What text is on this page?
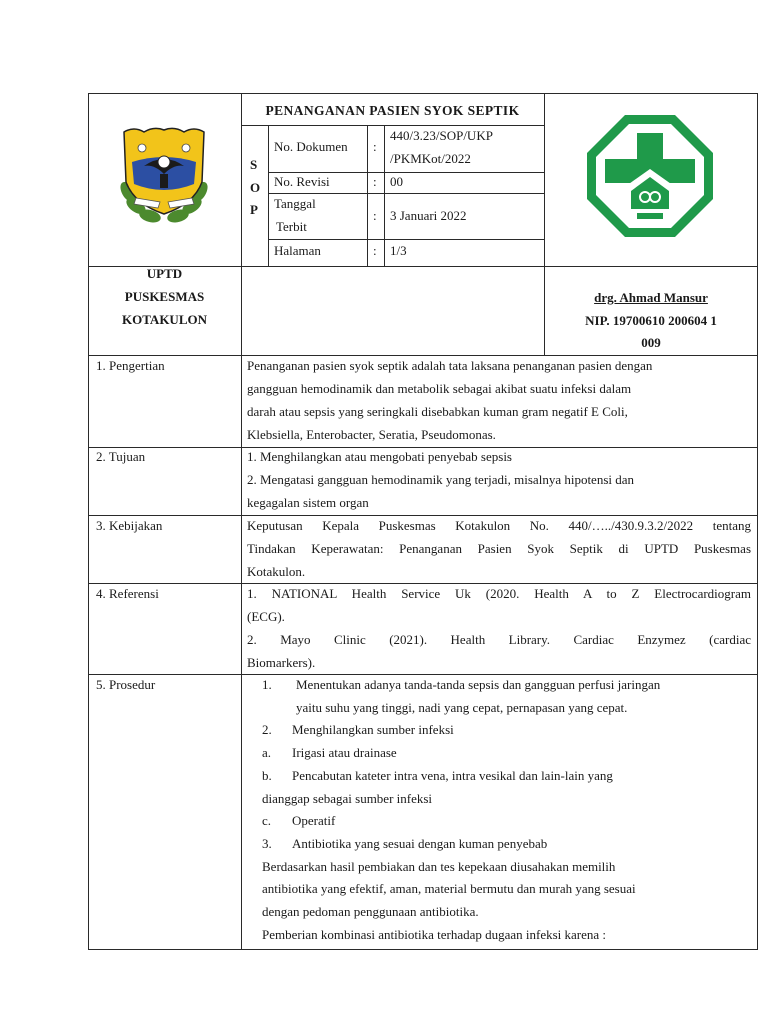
PENANGANAN PASIEN SYOK SEPTIK
S
O
P
No. Dokumen :
440/3.23/SOP/UKP
/PKMKot/2022
No. Revisi	: 00
Tanggal
Terbit
: 3 Januari 2022
Halaman	: 1/3
UPTD
PUSKESMAS
KOTAKULON
drg. Ahmad Mansur
NIP. 19700610 200604 1
009
1. Pengertian	Penanganan pasien syok septik adalah tata laksana penanganan pasien dengan
gangguan hemodinamik dan metabolik sebagai akibat suatu infeksi dalam
darah atau sepsis yang seringkali disebabkan kuman gram negatif E Coli,
Klebsiella, Enterobacter, Seratia, Pseudomonas.
2. Tujuan	1. Menghilangkan atau mengobati penyebab sepsis
2. Mengatasi gangguan hemodinamik yang terjadi, misalnya hipotensi dan
kegagalan sistem organ
3. Kebijakan	Keputusan Kepala Puskesmas Kotakulon No. 440/…../430.9.3.2/2022 tentang
Tindakan Keperawatan: Penanganan Pasien Syok Septik di UPTD Puskesmas
Kotakulon.
4. Referensi	1. NATIONAL Health Service Uk (2020. Health A to Z Electrocardiogram
(ECG).
2. Mayo Clinic (2021). Health Library. Cardiac Enzymez (cardiac
Biomarkers).
5. Prosedur	1. Menentukan adanya tanda-tanda sepsis dan gangguan perfusi jaringan
yaitu suhu yang tinggi, nadi yang cepat, pernapasan yang cepat.
2. Menghilangkan sumber infeksi
a. Irigasi atau drainase
b. Pencabutan kateter intra vena, intra vesikal dan lain-lain yang
dianggap sebagai sumber infeksi
c. Operatif
3. Antibiotika yang sesuai dengan kuman penyebab
Berdasarkan hasil pembiakan dan tes kepekaan diusahakan memilih
antibiotika yang efektif, aman, material bermutu dan murah yang sesuai
dengan pedoman penggunaan antibiotika.
Pemberian kombinasi antibiotika terhadap dugaan infeksi karena :
